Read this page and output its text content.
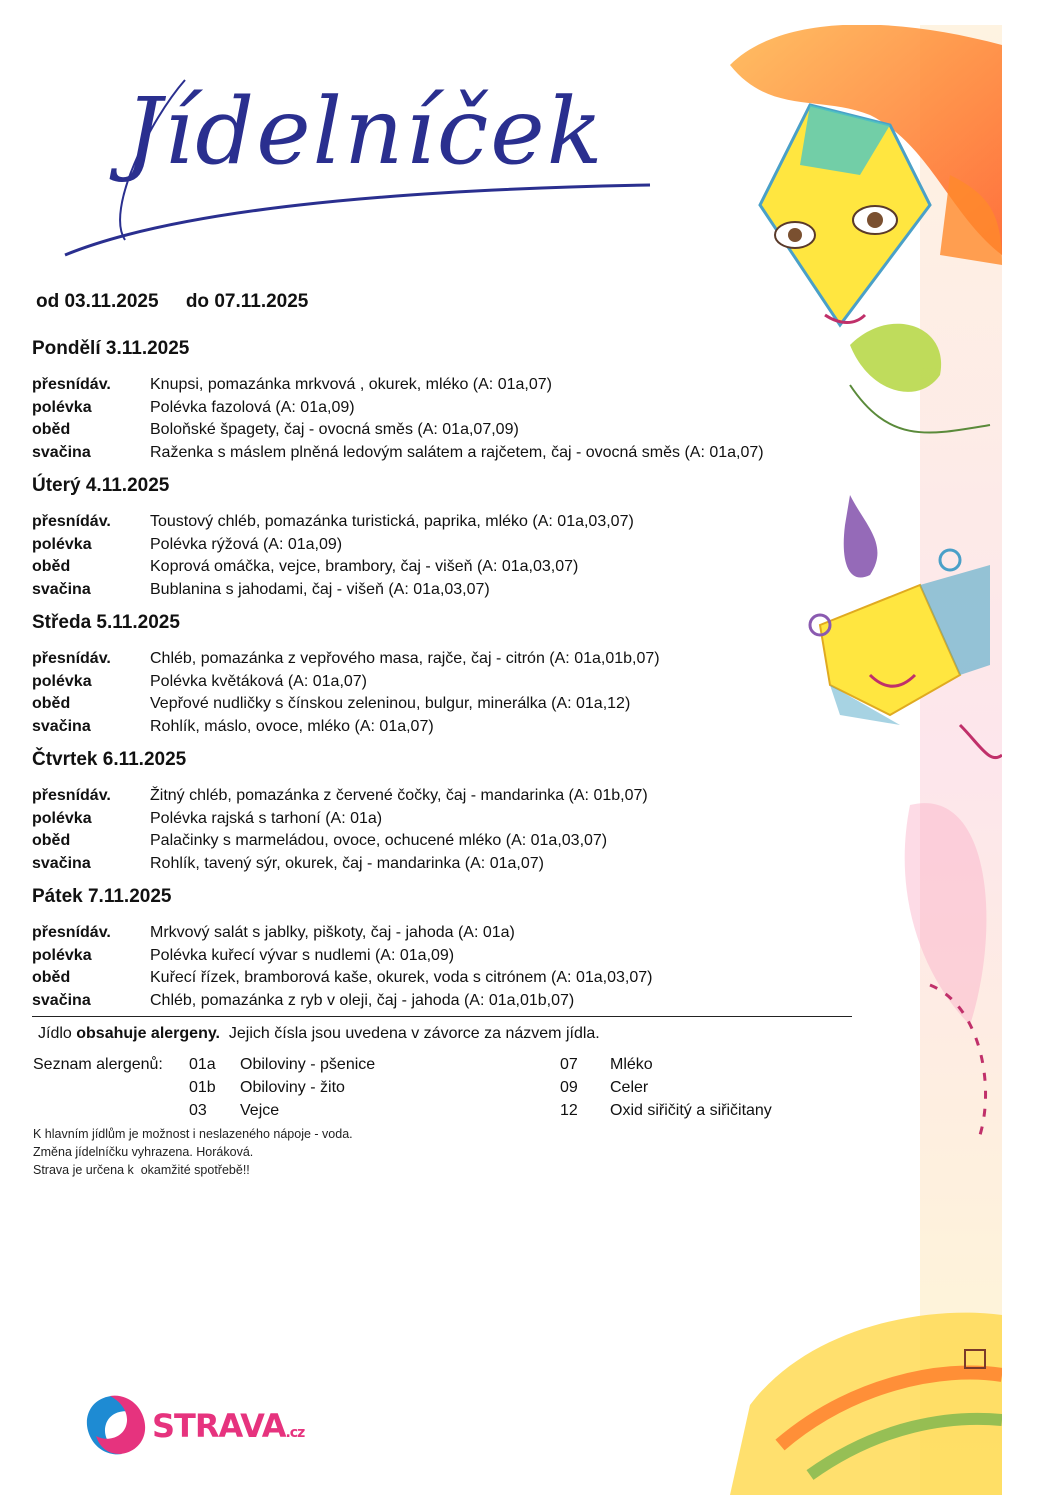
Jídelníček
od 03.11.2025 do 07.11.2025
Pondělí 3.11.2025
přesnídáv.	Knupsi, pomazánka mrkvová , okurek, mléko (A: 01a,07)
polévka	Polévka fazolová (A: 01a,09)
oběd	Boloňské špagety, čaj - ovocná směs (A: 01a,07,09)
svačina	Raženka s máslem plněná ledovým salátem a rajčetem, čaj - ovocná směs (A: 01a,07)
Úterý 4.11.2025
přesnídáv.	Toustový chléb, pomazánka turistická, paprika, mléko (A: 01a,03,07)
polévka	Polévka rýžová (A: 01a,09)
oběd	Koprová omáčka, vejce, brambory, čaj - višeň (A: 01a,03,07)
svačina	Bublanina s jahodami, čaj - višeň (A: 01a,03,07)
Středa 5.11.2025
přesnídáv.	Chléb, pomazánka z vepřového masa, rajče, čaj - citrón (A: 01a,01b,07)
polévka	Polévka květáková (A: 01a,07)
oběd	Vepřové nudličky s čínskou zeleninou, bulgur, minerálka (A: 01a,12)
svačina	Rohlík, máslo, ovoce, mléko (A: 01a,07)
Čtvrtek 6.11.2025
přesnídáv.	Žitný chléb, pomazánka z červené čočky, čaj - mandarinka (A: 01b,07)
polévka	Polévka rajská s tarhoní (A: 01a)
oběd	Palačinky s marmeládou, ovoce, ochucené mléko (A: 01a,03,07)
svačina	Rohlík, tavený sýr, okurek, čaj - mandarinka (A: 01a,07)
Pátek 7.11.2025
přesnídáv.	Mrkvový salát s jablky, piškoty, čaj - jahoda (A: 01a)
polévka	Polévka kuřecí vývar s nudlemi (A: 01a,09)
oběd	Kuřecí řízek, bramborová kaše, okurek, voda s citrónem (A: 01a,03,07)
svačina	Chléb, pomazánka z ryb v oleji, čaj - jahoda (A: 01a,01b,07)
Jídlo obsahuje alergeny.  Jejich čísla jsou uvedena v závorce za názvem jídla.
Seznam alergenů: 01a	Obiloviny - pšenice
01b	Obiloviny - žito
03	Vejce
07	Mléko
09	Celer
12	Oxid siřičitý a siřičitany
K hlavním jídlům je možnost i neslazeného nápoje - voda.
Změna jídelníčku vyhrazena. Horáková.
Strava je určena k  okamžité spotřebě!!
STRAVA.cz
